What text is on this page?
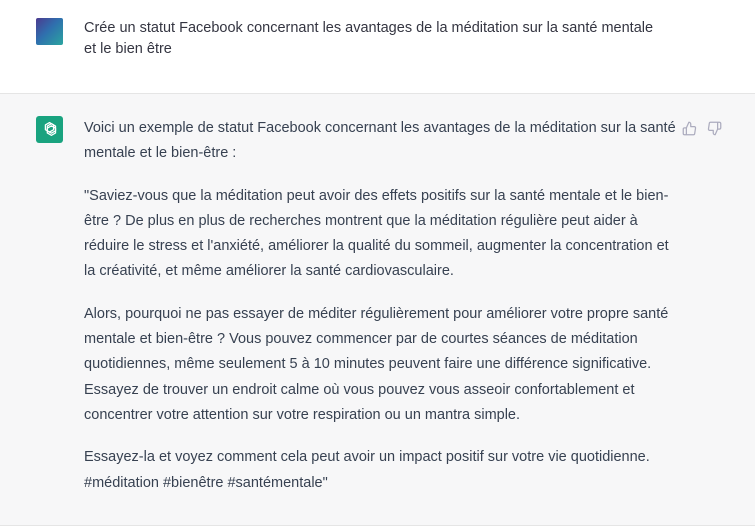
Crée un statut Facebook concernant les avantages de la méditation sur la santé mentale
et le bien être

Voici un exemple de statut Facebook concernant les avantages de la méditation sur la santé mentale et le bien-être :

"Saviez-vous que la méditation peut avoir des effets positifs sur la santé mentale et le bien-être ? De plus en plus de recherches montrent que la méditation régulière peut aider à réduire le stress et l'anxiété, améliorer la qualité du sommeil, augmenter la concentration et la créativité, et même améliorer la santé cardiovasculaire.

Alors, pourquoi ne pas essayer de méditer régulièrement pour améliorer votre propre santé mentale et bien-être ? Vous pouvez commencer par de courtes séances de méditation quotidiennes, même seulement 5 à 10 minutes peuvent faire une différence significative. Essayez de trouver un endroit calme où vous pouvez vous asseoir confortablement et concentrer votre attention sur votre respiration ou un mantra simple.

Essayez-la et voyez comment cela peut avoir un impact positif sur votre vie quotidienne. #méditation #bienêtre #santémentale"
